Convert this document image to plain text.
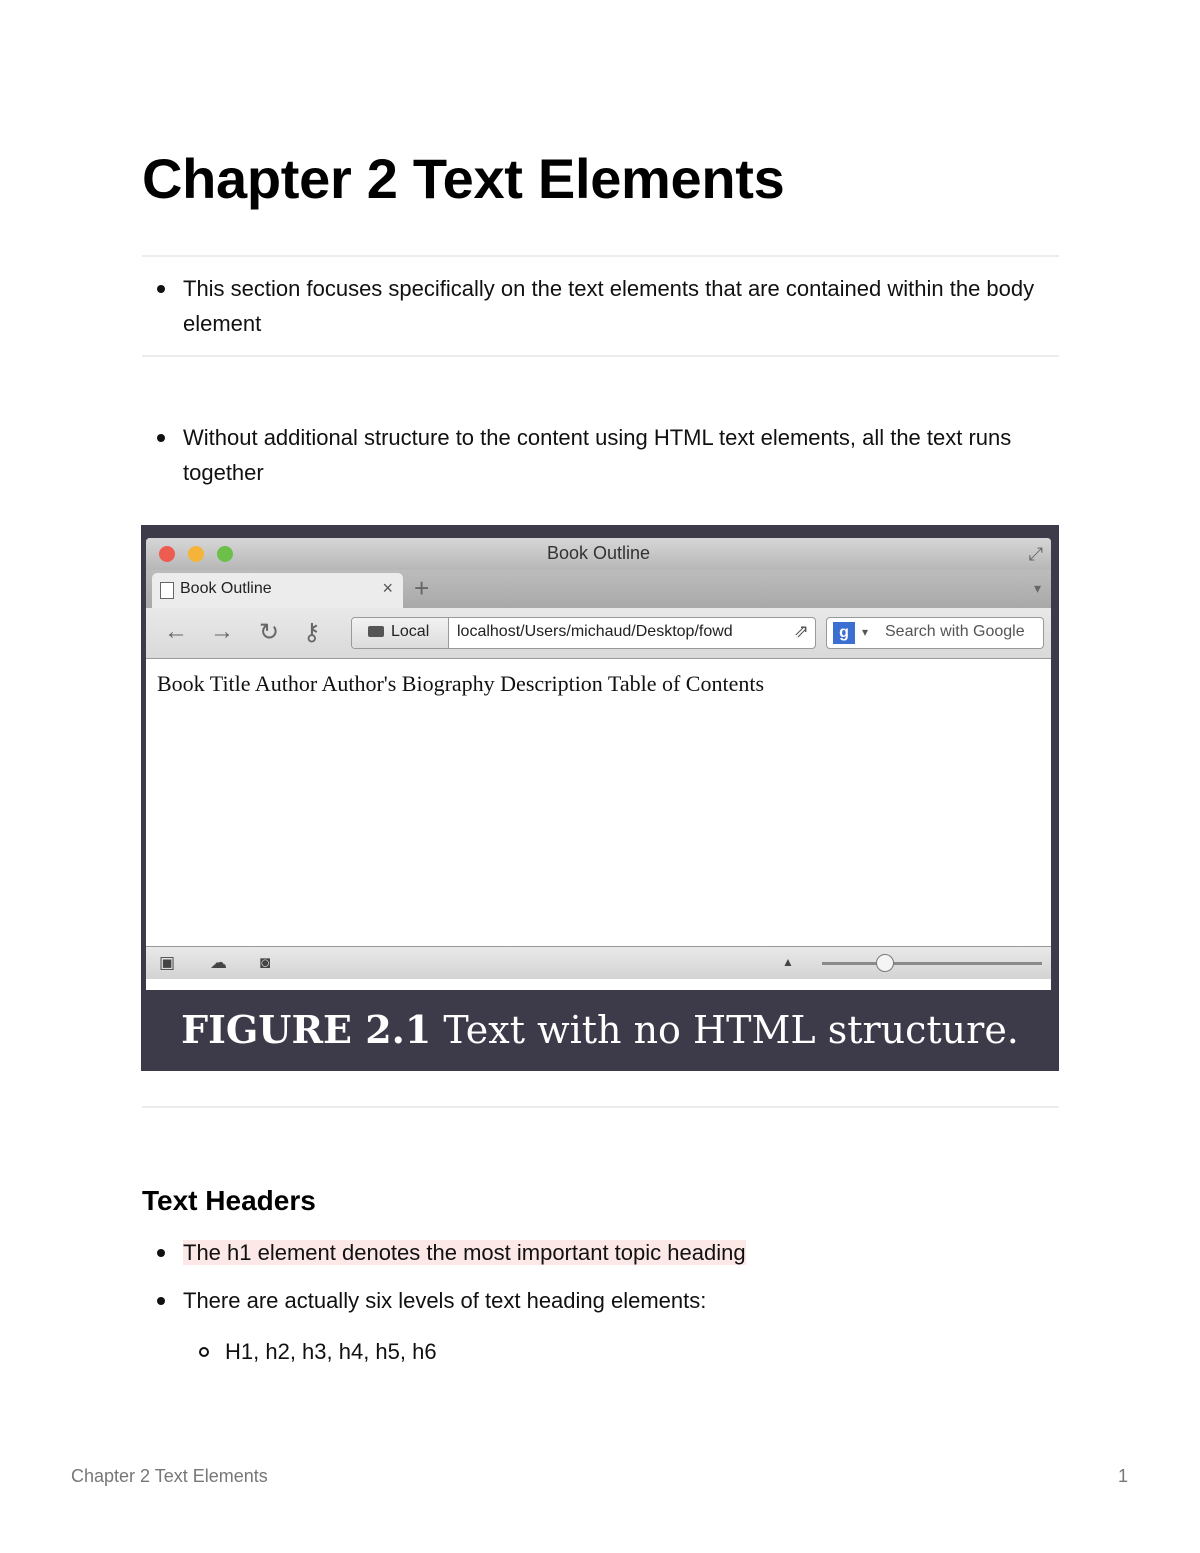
Chapter 2 Text Elements
This section focuses specifically on the text elements that are contained within the body element
Without additional structure to the content using HTML text elements, all the text runs together
Book Outline	⤢
Book Outline	× +	▾
← → ↻ ⚷	Local localhost/Users/michaud/Desktop/fowd	⇗	g	▾ Search with Google
Book Title Author Author's Biography Description Table of Contents
▣ ☁ ◙	▲
FIGURE 2.1 Text with no HTML structure.
Text Headers
The h1 element denotes the most important topic heading
There are actually six levels of text heading elements:
H1, h2, h3, h4, h5, h6
Chapter 2 Text Elements	1
